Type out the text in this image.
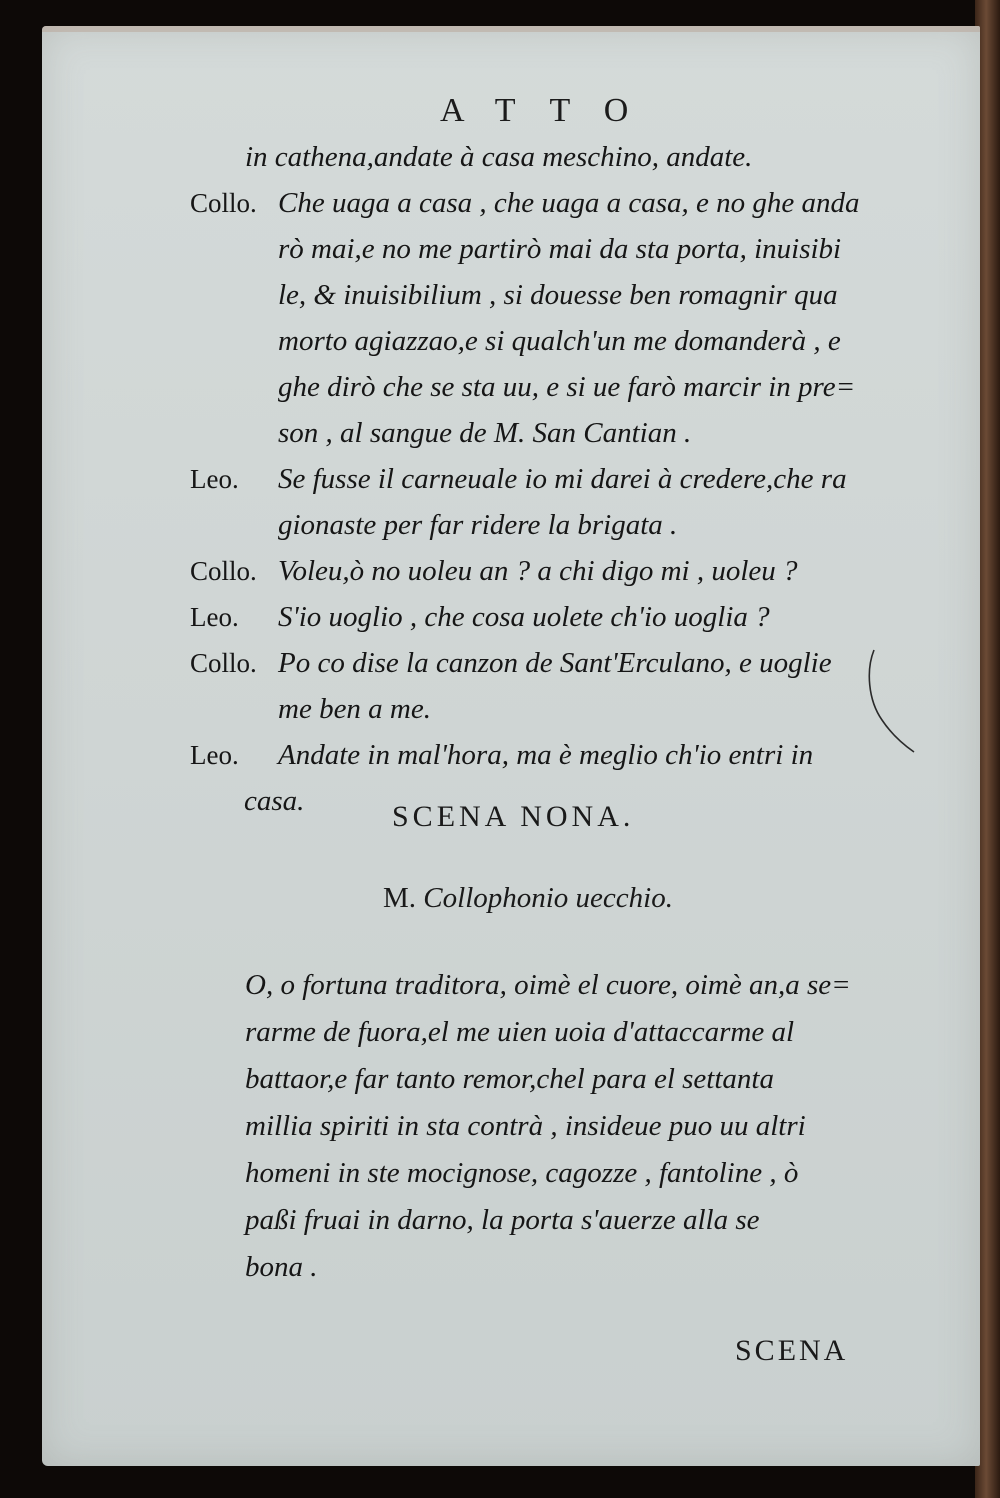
ATTO
in cathena,andate à casa meschino, andate.
Collo. Che uaga a casa , che uaga a casa, e no ghe anda
rò mai,e no me partirò mai da sta porta, inuisibi
le, & inuisibilium , si douesse ben romagnir qua
morto agiazzao,e si qualch'un me domanderà , e
ghe dirò che se sta uu, e si ue farò marcir in pre=
son , al sangue de M. San Cantian .
Leo.	Se fusse il carneuale io mi darei à credere,che ra
gionaste per far ridere la brigata .
Collo. Voleu,ò no uoleu an ? a chi digo mi , uoleu ?
Leo.	S'io uoglio , che cosa uolete ch'io uoglia ?
Collo. Po co dise la canzon de Sant'Erculano, e uoglie
me ben a me.
Leo.	Andate in mal'hora, ma è meglio ch'io entri in
casa.	SCENA NONA.
M. Collophonio uecchio.
O, o fortuna traditora, oimè el cuore, oimè an,a se=
rarme de fuora,el me uien uoia d'attaccarme al
battaor,e far tanto remor,chel para el settanta
millia spiriti in sta contrà , insideue puo uu altri
homeni in ste mocignose, cagozze , fantoline , ò
paßi fruai in darno, la porta s'auerze alla se
bona .
SCENA
